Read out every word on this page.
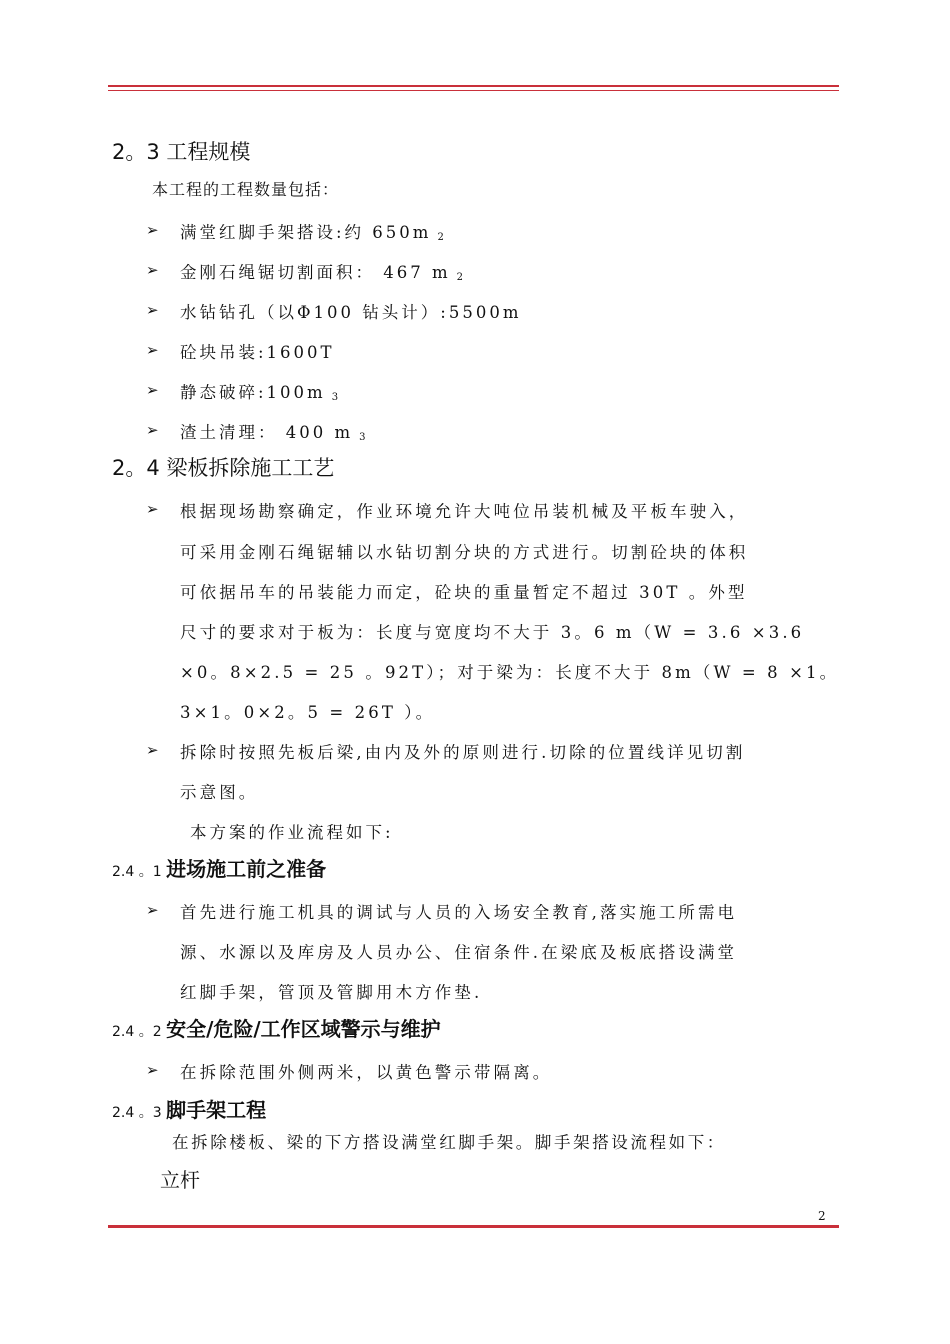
2。3 工程规模
本工程的工程数量包括：
➢ 满堂红脚手架搭设:约 650m $_2$
➢ 金刚石绳锯切割面积： 467 m $_2$
➢ 水钻钻孔（以Φ100 钻头计）:5500m
➢ 砼块吊装:1600T
➢ 静态破碎:100m $_3$
➢ 渣土清理： 400 m $_3$
2。4 梁板拆除施工工艺
➢ 根据现场勘察确定，作业环境允许大吨位吊装机械及平板车驶入，
可采用金刚石绳锯辅以水钻切割分块的方式进行。切割砼块的体积
可依据吊车的吊装能力而定，砼块的重量暂定不超过 30T 。外型
尺寸的要求对于板为：长度与宽度均不大于 3。6 m（W = 3.6 ×3.6
×0。8×2.5 = 25 。92T）；对于梁为：长度不大于 8m（W = 8 ×1。
3×1。0×2。5 = 26T ）。
➢ 拆除时按照先板后梁,由内及外的原则进行.切除的位置线详见切割
示意图。
本方案的作业流程如下:
2.4 。1 进场施工前之准备
➢ 首先进行施工机具的调试与人员的入场安全教育,落实施工所需电
源、水源以及库房及人员办公、住宿条件.在梁底及板底搭设满堂
红脚手架，管顶及管脚用木方作垫.
2.4 。2 安全/危险/工作区域警示与维护
➢ 在拆除范围外侧两米，以黄色警示带隔离。
2.4 。3 脚手架工程
在拆除楼板、梁的下方搭设满堂红脚手架。脚手架搭设流程如下：
立杆
2
